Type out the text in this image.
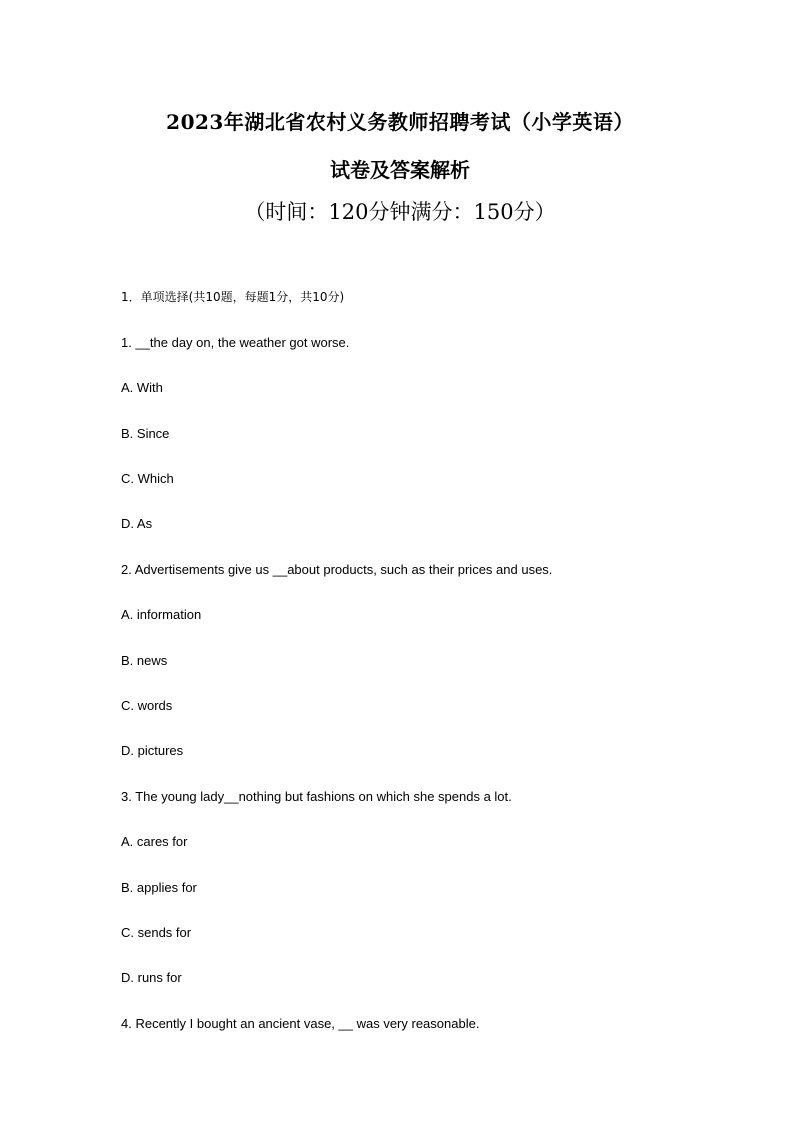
2023年湖北省农村义务教师招聘考试（小学英语）
试卷及答案解析
（时间：120分钟满分：150分）
1．单项选择(共10题，每题1分，共10分)
1. __the day on, the weather got worse.
A. With
B. Since
C. Which
D. As
2. Advertisements give us __about products, such as their prices and uses.
A. information
B. news
C. words
D. pictures
3. The young lady__nothing but fashions on which she spends a lot.
A. cares for
B. applies for
C. sends for
D. runs for
4. Recently I bought an ancient vase, __ was very reasonable.
